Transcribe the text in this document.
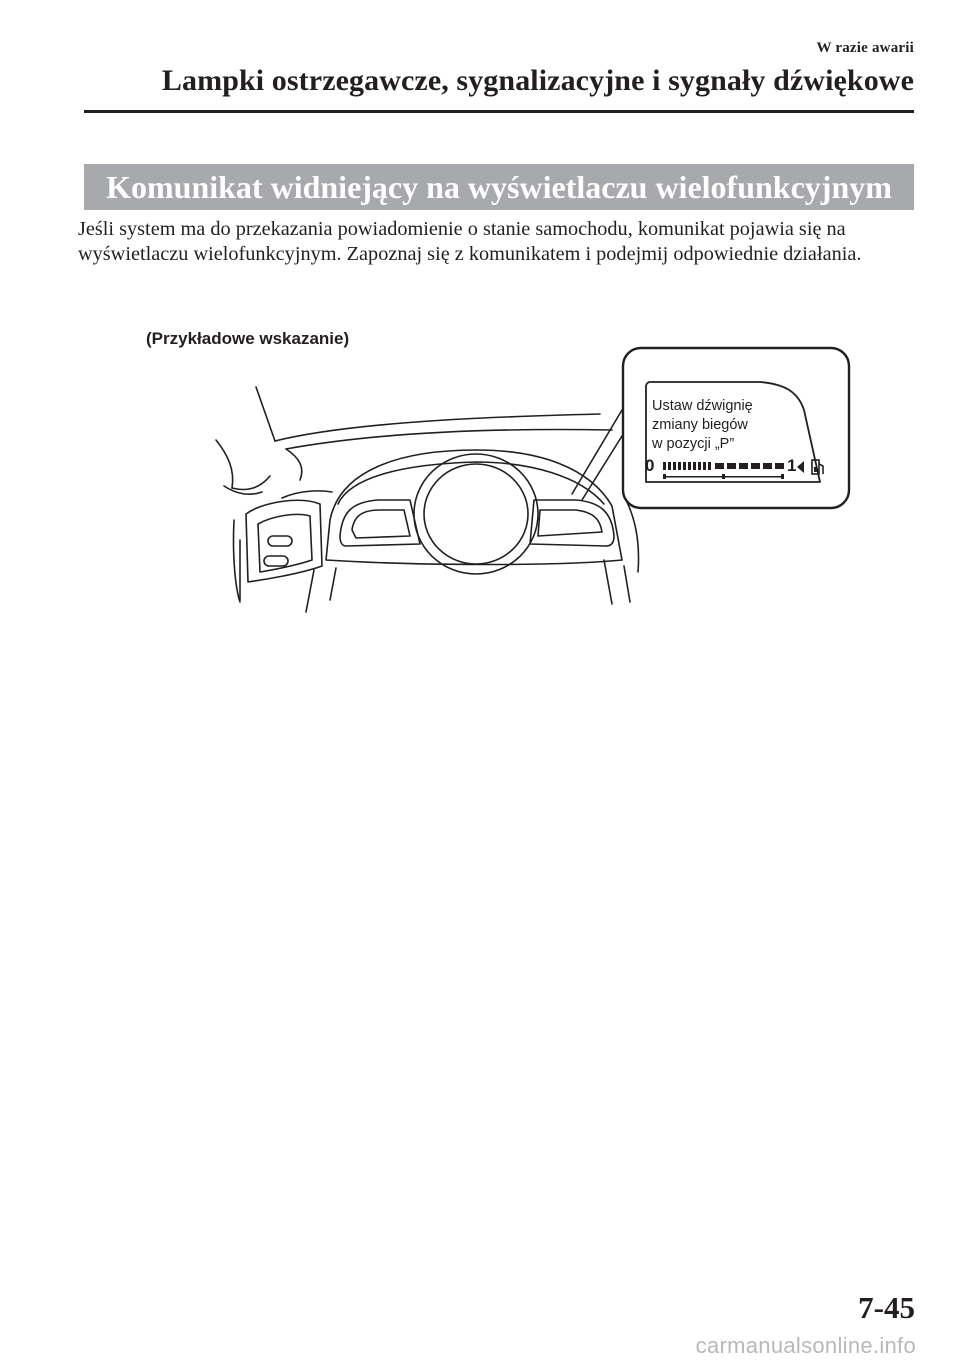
W razie awarii
Lampki ostrzegawcze, sygnalizacyjne i sygnały dźwiękowe
Komunikat widniejący na wyświetlaczu wielofunkcyjnym

Jeśli system ma do przekazania powiadomienie o stanie samochodu, komunikat pojawia się na wyświetlaczu wielofunkcyjnym. Zapoznaj się z komunikatem i podejmij odpowiednie działania.

(Przykładowe wskazanie)
Ustaw dźwignię
zmiany biegów
w pozycji „P”
0	1
7-45
carmanualsonline.info
